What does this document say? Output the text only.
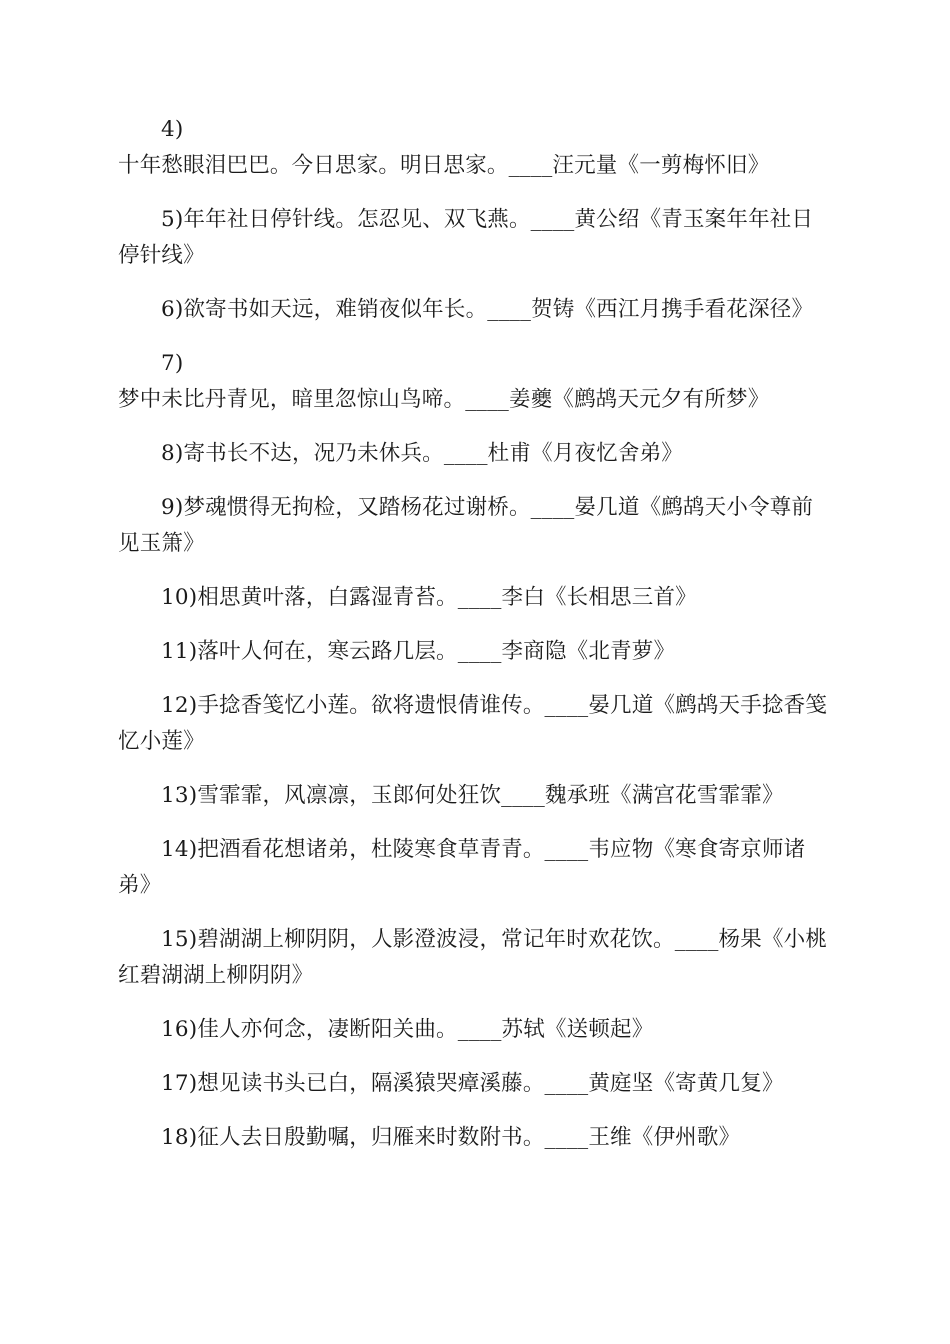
4)十年愁眼泪巴巴。今日思家。明日思家。____汪元量《一剪梅怀旧》

5)年年社日停针线。怎忍见、双飞燕。____黄公绍《青玉案年年社日停针线》

6)欲寄书如天远，难销夜似年长。____贺铸《西江月携手看花深径》

7)梦中未比丹青见，暗里忽惊山鸟啼。____姜夔《鹧鸪天元夕有所梦》

8)寄书长不达，况乃未休兵。____杜甫《月夜忆舍弟》

9)梦魂惯得无拘检，又踏杨花过谢桥。____晏几道《鹧鸪天小令尊前见玉箫》

10)相思黄叶落，白露湿青苔。____李白《长相思三首》

11)落叶人何在，寒云路几层。____李商隐《北青萝》

12)手捻香笺忆小莲。欲将遗恨倩谁传。____晏几道《鹧鸪天手捻香笺忆小莲》

13)雪霏霏，风凛凛，玉郎何处狂饮____魏承班《满宫花雪霏霏》

14)把酒看花想诸弟，杜陵寒食草青青。____韦应物《寒食寄京师诸弟》

15)碧湖湖上柳阴阴，人影澄波浸，常记年时欢花饮。____杨果《小桃红碧湖湖上柳阴阴》

16)佳人亦何念，凄断阳关曲。____苏轼《送顿起》

17)想见读书头已白，隔溪猿哭瘴溪藤。____黄庭坚《寄黄几复》

18)征人去日殷勤嘱，归雁来时数附书。____王维《伊州歌》
